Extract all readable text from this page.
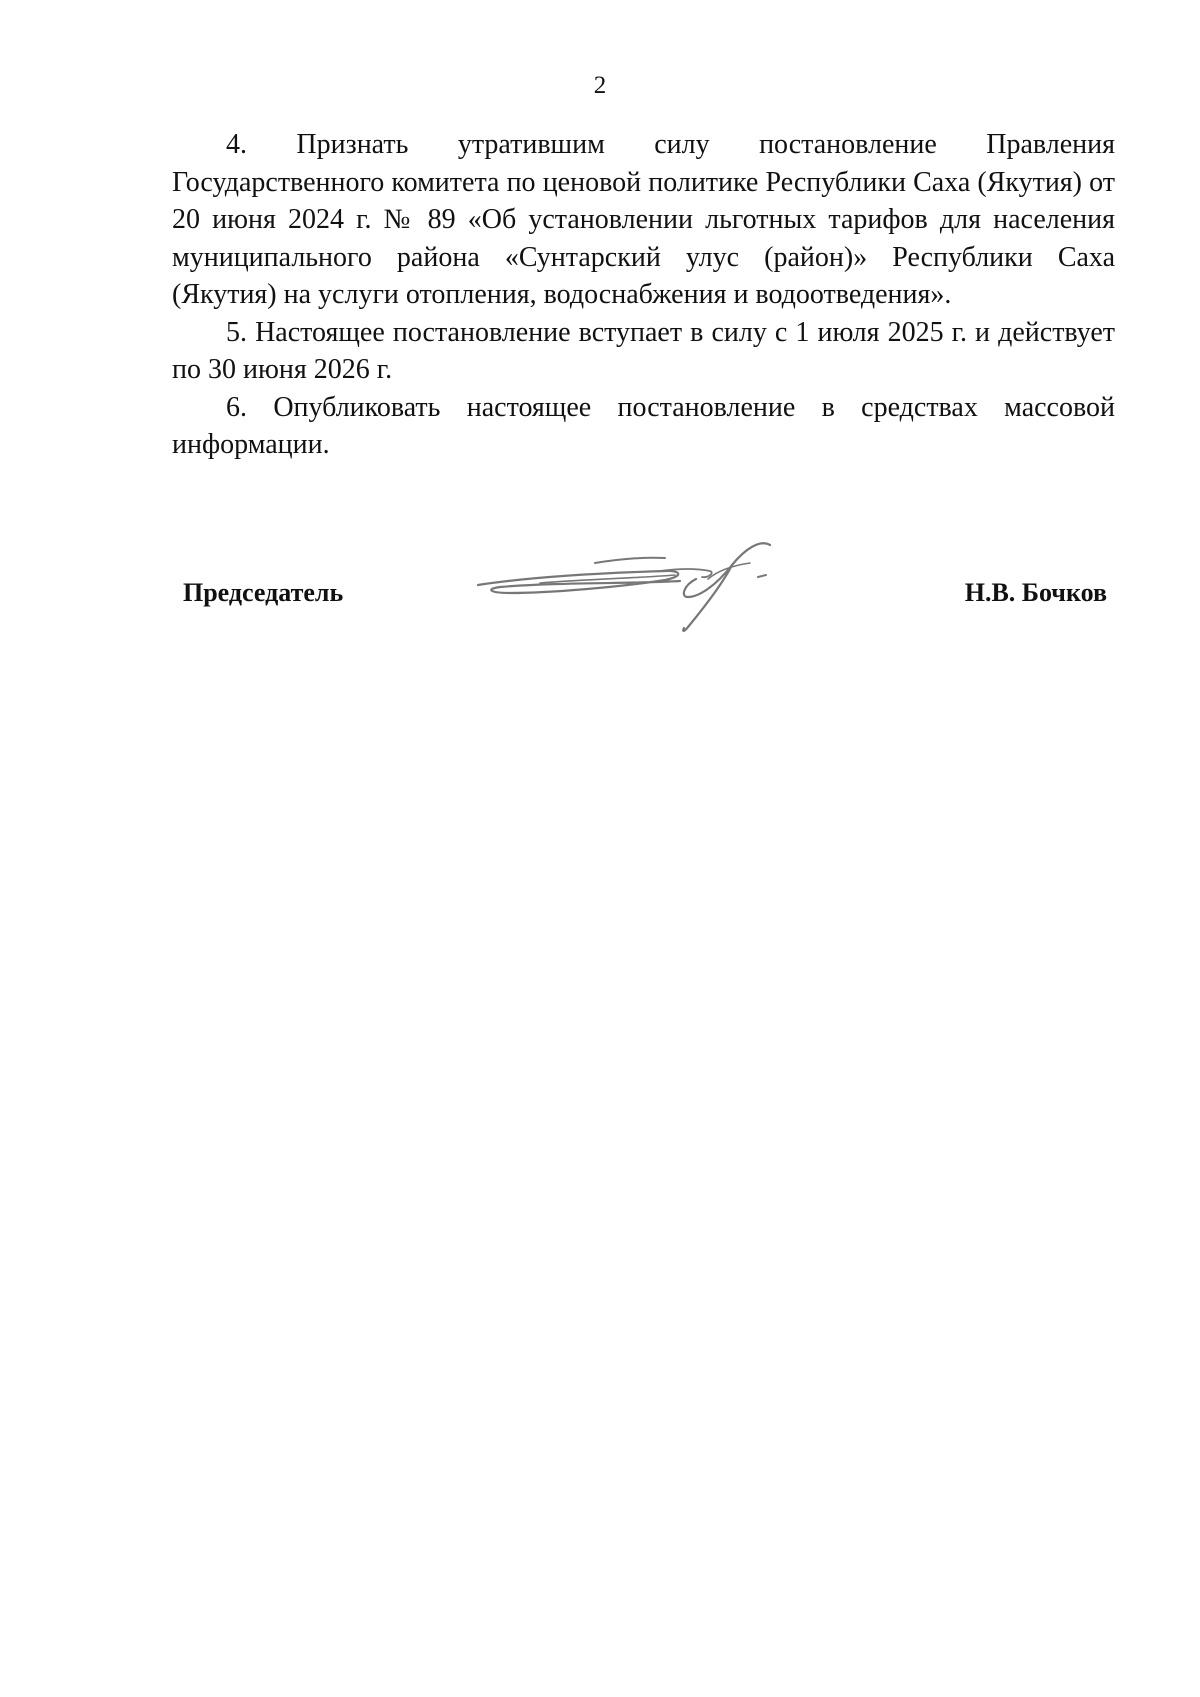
2

4. Признать утратившим силу постановление Правления Государственного комитета по ценовой политике Республики Саха (Якутия) от 20 июня 2024 г. № 89 «Об установлении льготных тарифов для населения муниципального района «Сунтарский улус (район)» Республики Саха (Якутия) на услуги отопления, водоснабжения и водоотведения».

5. Настоящее постановление вступает в силу с 1 июля 2025 г. и действует по 30 июня 2026 г.

6. Опубликовать настоящее постановление в средствах массовой информации.

Председатель	Н.В. Бочков
